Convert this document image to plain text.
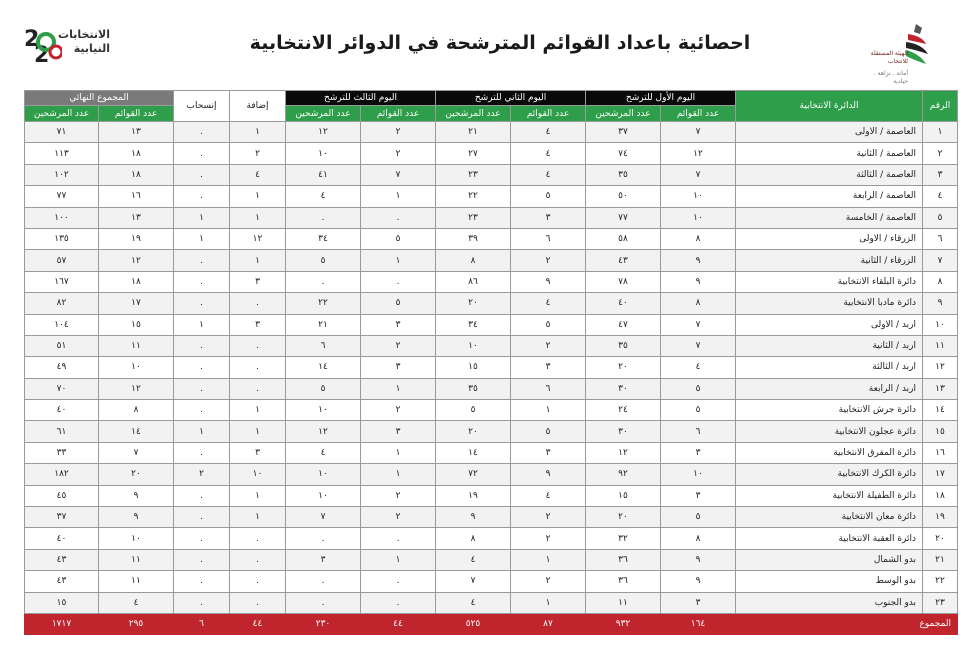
2
2
الانتخابات
النيابية	احصائية باعداد القوائم المترشحة في الدوائر الانتخابية	الهيئة المستقلة للانتخاب
أمانة . نزاهة . حيادية
الرقم	الدائرة الانتخابية	اليوم الأول للترشح		اليوم الثاني للترشح		اليوم الثالث للترشح		إضافة	إنسحاب	المجموع النهائي	
		عدد القوائم	عدد المرشحين	عدد القوائم	عدد المرشحين	عدد القوائم	عدد المرشحين			عدد القوائم	عدد المرشحين
١	العاصمة / الاولى	٧	٣٧	٤	٢١	٢	١٢	١	.	١٣	٧١
٢	العاصمة / الثانية	١٢	٧٤	٤	٢٧	٢	١٠	٢	.	١٨	١١٣
٣	العاصمة / الثالثة	٧	٣٥	٤	٢٣	٧	٤١	٤	.	١٨	١٠٢
٤	العاصمة / الرابعة	١٠	٥٠	٥	٢٢	١	٤	١	.	١٦	٧٧
٥	العاصمة / الخامسة	١٠	٧٧	٣	٢٣	.	.	١	١	١٣	١٠٠
٦	الزرقاء / الاولى	٨	٥٨	٦	٣٩	٥	٣٤	١٢	١	١٩	١٣٥
٧	الزرقاء / الثانية	٩	٤٣	٢	٨	١	٥	١	.	١٢	٥٧
٨	دائرة البلقاء الانتخابية	٩	٧٨	٩	٨٦	.	.	٣	.	١٨	١٦٧
٩	دائرة مادبا الانتخابية	٨	٤٠	٤	٢٠	٥	٢٢	.	.	١٧	٨٢
١٠	اربد / الاولى	٧	٤٧	٥	٣٤	٣	٢١	٣	١	١٥	١٠٤
١١	اربد / الثانية	٧	٣٥	٢	١٠	٢	٦	.	.	١١	٥١
١٢	اربد / الثالثة	٤	٢٠	٣	١٥	٣	١٤	.	.	١٠	٤٩
١٣	اربد / الرابعة	٥	٣٠	٦	٣٥	١	٥	.	.	١٢	٧٠
١٤	دائرة جرش الانتخابية	٥	٢٤	١	٥	٢	١٠	١	.	٨	٤٠
١٥	دائرة عجلون الانتخابية	٦	٣٠	٥	٢٠	٣	١٢	١	١	١٤	٦١
١٦	دائرة المفرق الانتخابية	٣	١٢	٣	١٤	١	٤	٣	.	٧	٣٣
١٧	دائرة الكرك الانتخابية	١٠	٩٢	٩	٧٢	١	١٠	١٠	٢	٢٠	١٨٢
١٨	دائرة الطفيلة الانتخابية	٣	١٥	٤	١٩	٢	١٠	١	.	٩	٤٥
١٩	دائرة معان الانتخابية	٥	٢٠	٢	٩	٢	٧	١	.	٩	٣٧
٢٠	دائرة العقبة الانتخابية	٨	٣٢	٢	٨	.	.	.	.	١٠	٤٠
٢١	بدو الشمال	٩	٣٦	١	٤	١	٣	.	.	١١	٤٣
٢٢	بدو الوسط	٩	٣٦	٢	٧	.	.	.	.	١١	٤٣
٢٣	بدو الجنوب	٣	١١	١	٤	.	.	.	.	٤	١٥
المجموع		١٦٤	٩٣٢	٨٧	٥٢٥	٤٤	٢٣٠	٤٤	٦	٢٩٥	١٧١٧
